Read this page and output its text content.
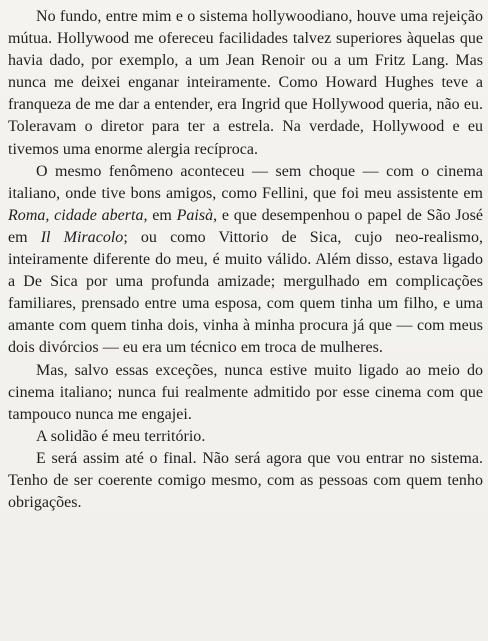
No fundo, entre mim e o sistema hollywoodiano, houve uma rejeição mútua. Hollywood me ofereceu facilidades talvez superiores àquelas que havia dado, por exemplo, a um Jean Renoir ou a um Fritz Lang. Mas nunca me deixei enganar inteiramente. Como Howard Hughes teve a franqueza de me dar a entender, era Ingrid que Hollywood queria, não eu. Toleravam o diretor para ter a estrela. Na verdade, Hollywood e eu tivemos uma enorme alergia recíproca.

O mesmo fenômeno aconteceu — sem choque — com o cinema italiano, onde tive bons amigos, como Fellini, que foi meu assistente em Roma, cidade aberta, em Paisà, e que desempenhou o papel de São José em Il Miracolo; ou como Vittorio de Sica, cujo neo-realismo, inteiramente diferente do meu, é muito válido. Além disso, estava ligado a De Sica por uma profunda amizade; mergulhado em complicações familiares, prensado entre uma esposa, com quem tinha um filho, e uma amante com quem tinha dois, vinha à minha procura já que — com meus dois divórcios — eu era um técnico em troca de mulheres.

Mas, salvo essas exceções, nunca estive muito ligado ao meio do cinema italiano; nunca fui realmente admitido por esse cinema com que tampouco nunca me engajei.

A solidão é meu território.

E será assim até o final. Não será agora que vou entrar no sistema. Tenho de ser coerente comigo mesmo, com as pessoas com quem tenho obrigações.
